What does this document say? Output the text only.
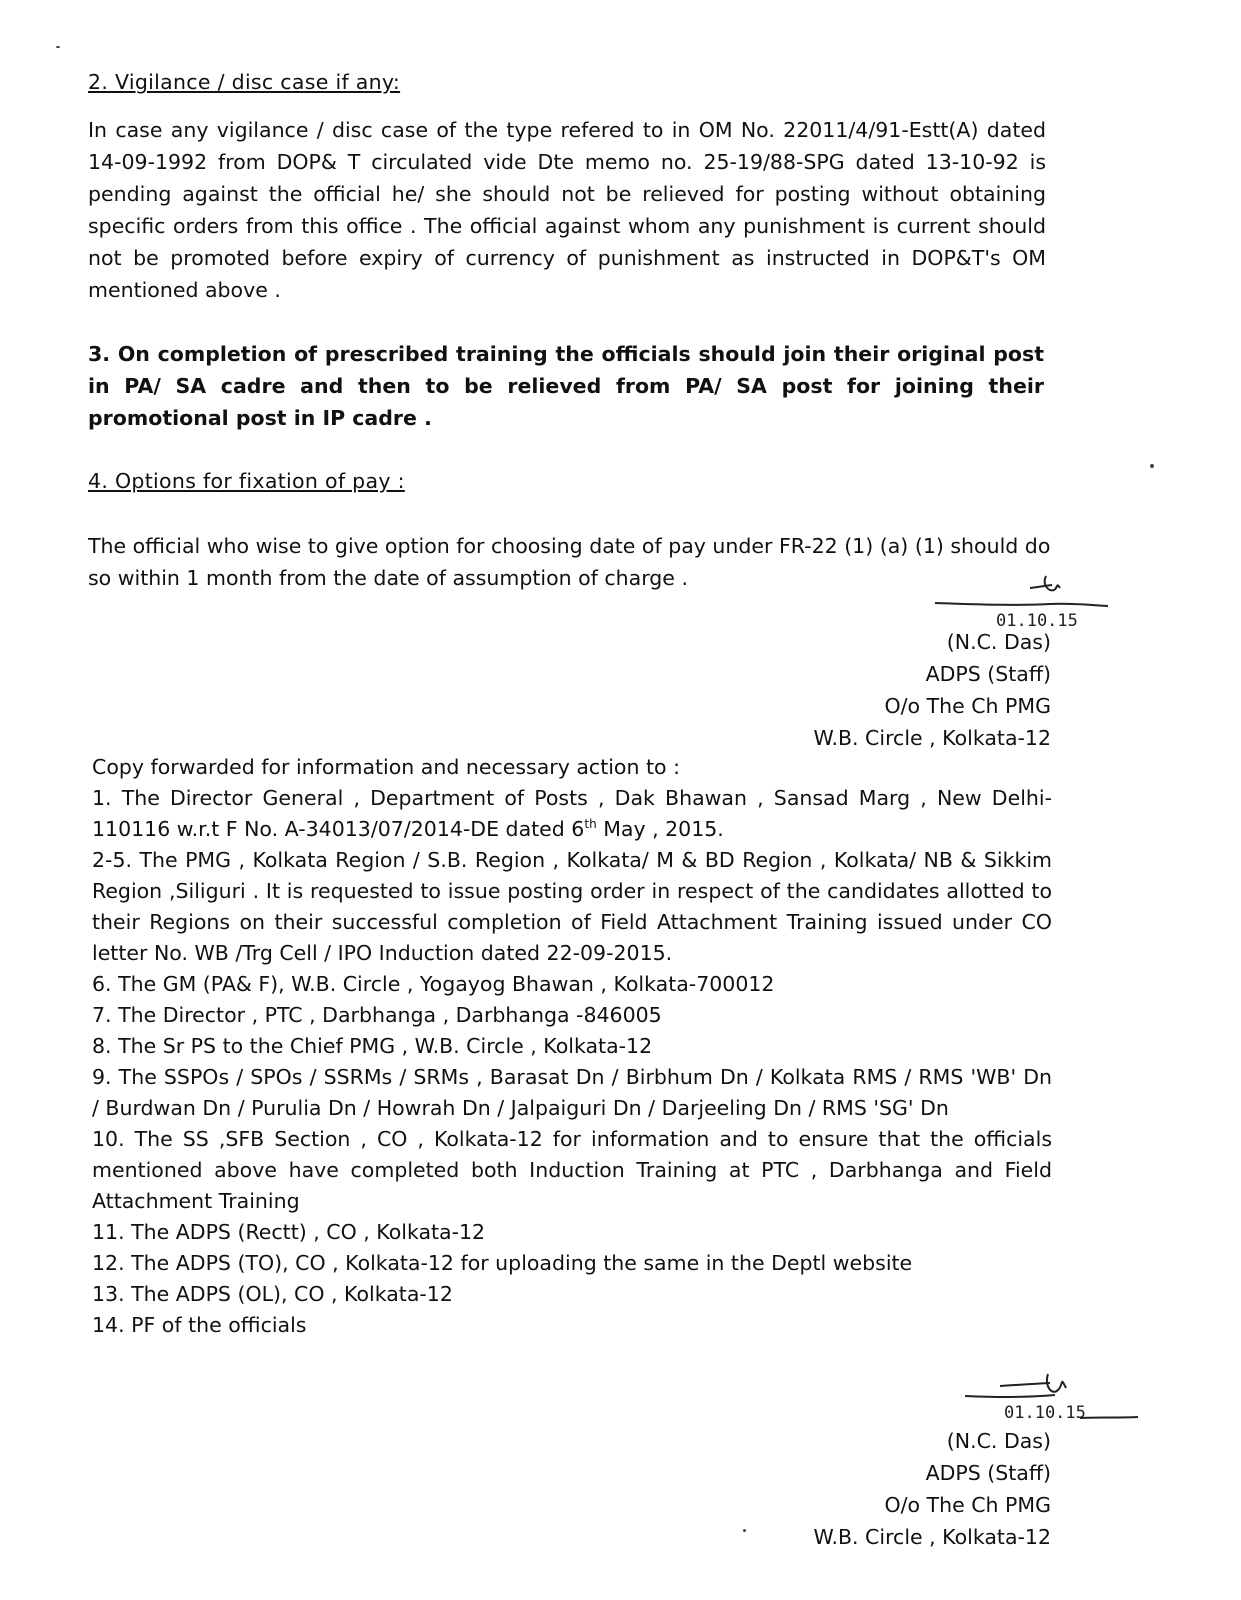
2. Vigilance / disc case if any:
In case any vigilance / disc case of the type refered to in OM No. 22011/4/91-Estt(A) dated 14-09-1992 from DOP& T circulated vide Dte memo no. 25-19/88-SPG dated 13-10-92 is pending against the official he/ she should not be relieved for posting without obtaining specific orders from this office . The official against whom any punishment is current should not be promoted before expiry of currency of punishment as instructed in DOP&T's OM mentioned above .
3. On completion of prescribed training the officials should join their original post in PA/ SA cadre and then to be relieved from PA/ SA post for joining their promotional post in IP cadre .
4. Options for fixation of pay :
The official who wise to give option for choosing date of pay under FR-22 (1) (a) (1) should do so within 1 month from the date of assumption of charge .
01.10.15
(N.C. Das)
ADPS (Staff)
O/o The Ch PMG
W.B. Circle , Kolkata-12
Copy forwarded for information and necessary action to :
1. The Director General , Department of Posts , Dak Bhawan , Sansad Marg , New Delhi-110116 w.r.t F No. A-34013/07/2014-DE dated 6th May , 2015.
2-5. The PMG , Kolkata Region / S.B. Region , Kolkata/ M & BD Region , Kolkata/ NB & Sikkim Region ,Siliguri . It is requested to issue posting order in respect of the candidates allotted to their Regions on their successful completion of Field Attachment Training issued under CO letter No. WB /Trg Cell / IPO Induction dated 22-09-2015.
6. The GM (PA& F), W.B. Circle , Yogayog Bhawan , Kolkata-700012
7. The Director , PTC , Darbhanga , Darbhanga -846005
8. The Sr PS to the Chief PMG , W.B. Circle , Kolkata-12
9. The SSPOs / SPOs / SSRMs / SRMs , Barasat Dn / Birbhum Dn / Kolkata RMS / RMS 'WB' Dn / Burdwan Dn / Purulia Dn / Howrah Dn / Jalpaiguri Dn / Darjeeling Dn / RMS 'SG' Dn
10. The SS ,SFB Section , CO , Kolkata-12 for information and to ensure that the officials mentioned above have completed both Induction Training at PTC , Darbhanga and Field Attachment Training
11. The ADPS (Rectt) , CO , Kolkata-12
12. The ADPS (TO), CO , Kolkata-12 for uploading the same in the Deptl website
13. The ADPS (OL), CO , Kolkata-12
14. PF of the officials
01.10.15
(N.C. Das)
ADPS (Staff)
O/o The Ch PMG
W.B. Circle , Kolkata-12
